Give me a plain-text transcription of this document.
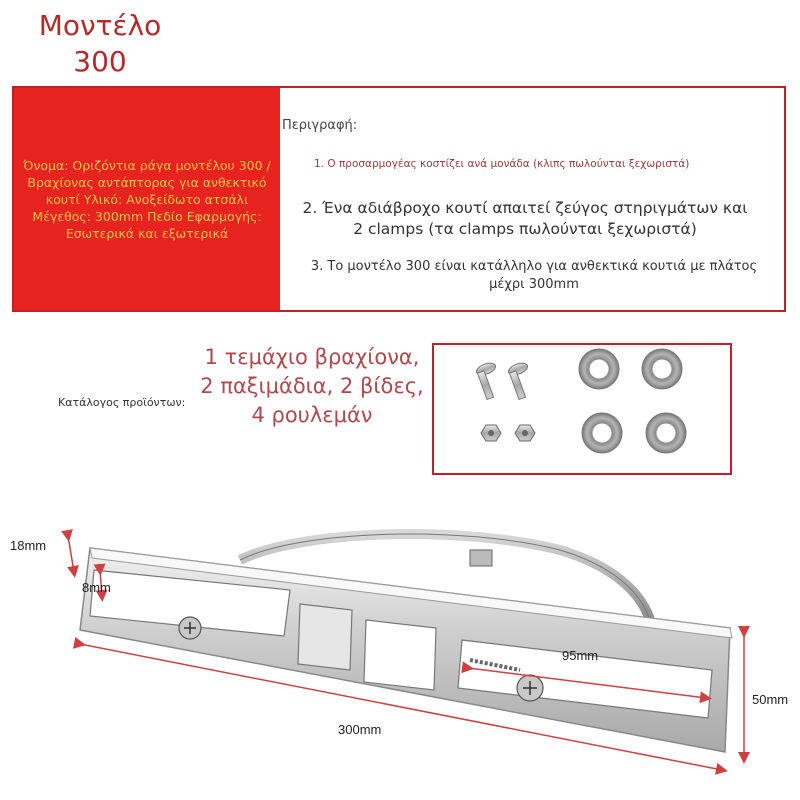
Μοντέλο
300

Όνομα: Οριζόντια ράγα μοντέλου 300 / Βραχίονας αντάπτορας για ανθεκτικό κουτί Υλικό: Ανοξείδωτο ατσάλι Μέγεθος: 300mm Πεδίο Εφαρμογής: Εσωτερικά και εξωτερικά

Περιγραφή:
1. Ο προσαρμογέας κοστίζει ανά μονάδα (κλιπς πωλούνται ξεχωριστά)
2. Ένα αδιάβροχο κουτί απαιτεί ζεύγος στηριγμάτων και 2 clamps (τα clamps πωλούνται ξεχωριστά)
3. Το μοντέλο 300 είναι κατάλληλο για ανθεκτικά κουτιά με πλάτος μέχρι 300mm
Κατάλογος προϊόντων:
1 τεμάχιο βραχίονα, 2 παξιμάδια, 2 βίδες, 4 ρουλεμάν
18mm
8mm
95mm
300mm
50mm
